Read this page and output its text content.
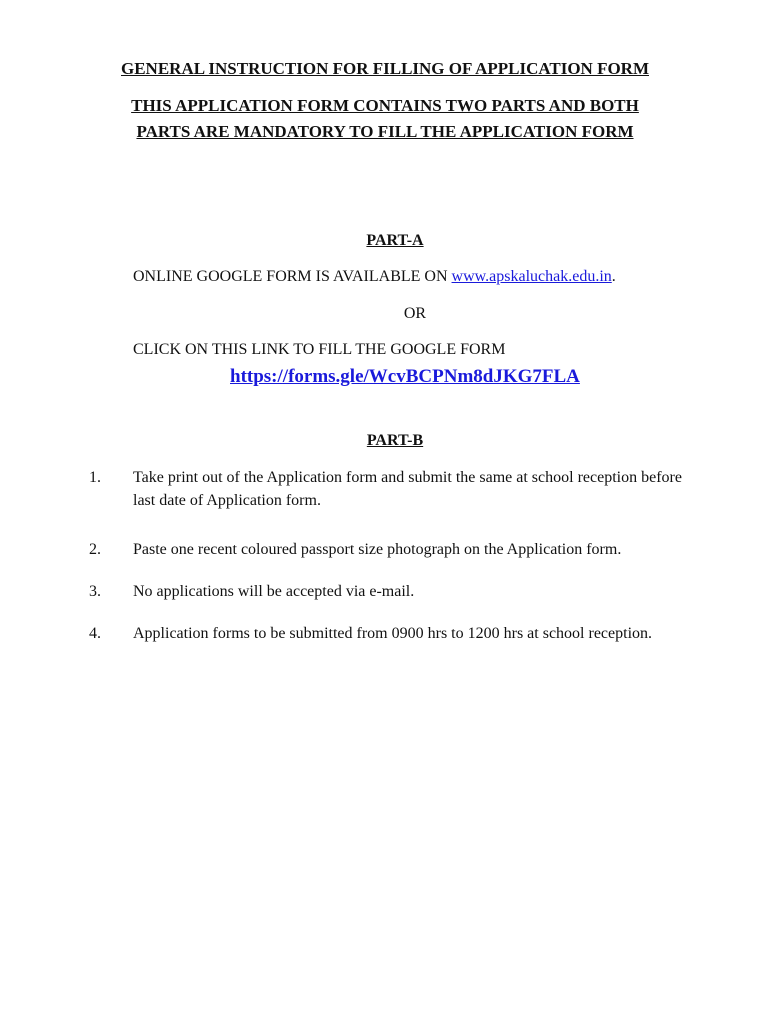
GENERAL INSTRUCTION FOR FILLING OF APPLICATION FORM
THIS APPLICATION FORM CONTAINS TWO PARTS AND BOTH
PARTS ARE MANDATORY TO FILL THE APPLICATION FORM
PART-A
ONLINE GOOGLE FORM IS AVAILABLE ON www.apskaluchak.edu.in.
OR
CLICK ON THIS LINK TO FILL THE GOOGLE FORM
https://forms.gle/WcvBCPNm8dJKG7FLA
PART-B
1.	Take print out of the Application form and submit the same at school reception before last date of Application form.
2.	Paste one recent coloured passport size photograph on the Application form.
3.	No applications will be accepted via e-mail.
4.	Application forms to be submitted from 0900 hrs to 1200 hrs at school reception.
